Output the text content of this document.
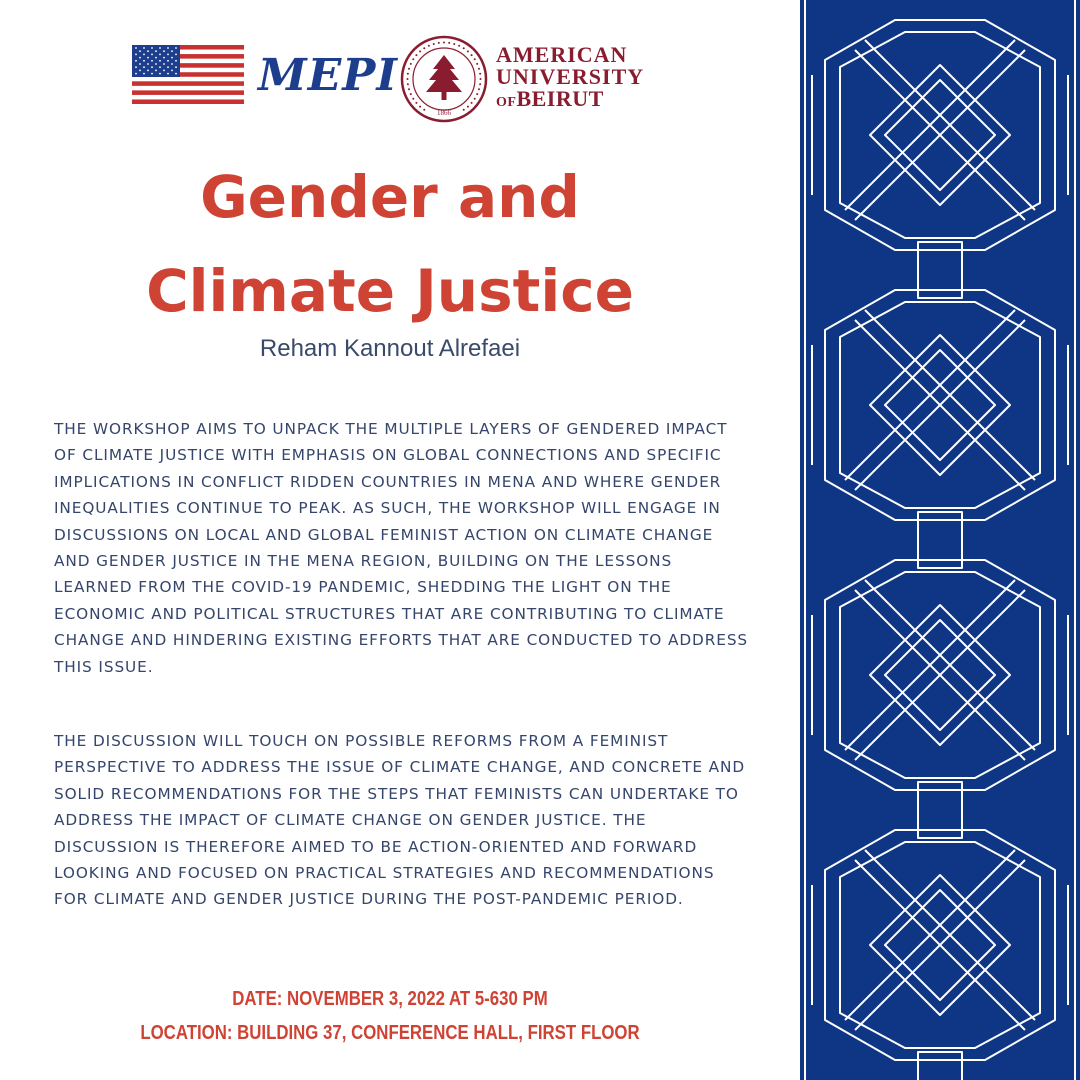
MEPI
1866
AMERICAN
UNIVERSITY
OFBEIRUT
Gender and
Climate Justice

Reham Kannout Alrefaei

THE WORKSHOP AIMS TO UNPACK THE MULTIPLE LAYERS OF GENDERED IMPACT OF CLIMATE JUSTICE WITH EMPHASIS ON GLOBAL CONNECTIONS AND SPECIFIC IMPLICATIONS IN CONFLICT RIDDEN COUNTRIES IN MENA AND WHERE GENDER INEQUALITIES CONTINUE TO PEAK. AS SUCH, THE WORKSHOP WILL ENGAGE IN DISCUSSIONS ON LOCAL AND GLOBAL FEMINIST ACTION ON CLIMATE CHANGE AND GENDER JUSTICE IN THE MENA REGION, BUILDING ON THE LESSONS LEARNED FROM THE COVID-19 PANDEMIC, SHEDDING THE LIGHT ON THE ECONOMIC AND POLITICAL STRUCTURES THAT ARE CONTRIBUTING TO CLIMATE CHANGE AND HINDERING EXISTING EFFORTS THAT ARE CONDUCTED TO ADDRESS THIS ISSUE.

THE DISCUSSION WILL TOUCH ON POSSIBLE REFORMS FROM A FEMINIST PERSPECTIVE TO ADDRESS THE ISSUE OF CLIMATE CHANGE, AND CONCRETE AND SOLID RECOMMENDATIONS FOR THE STEPS THAT FEMINISTS CAN UNDERTAKE TO ADDRESS THE IMPACT OF CLIMATE CHANGE ON GENDER JUSTICE. THE DISCUSSION IS THEREFORE AIMED TO BE ACTION-ORIENTED AND FORWARD LOOKING AND FOCUSED ON PRACTICAL STRATEGIES AND RECOMMENDATIONS FOR CLIMATE AND GENDER JUSTICE DURING THE POST-PANDEMIC PERIOD.

DATE: NOVEMBER 3, 2022 AT 5-630 PM

LOCATION: BUILDING 37, CONFERENCE HALL, FIRST FLOOR
